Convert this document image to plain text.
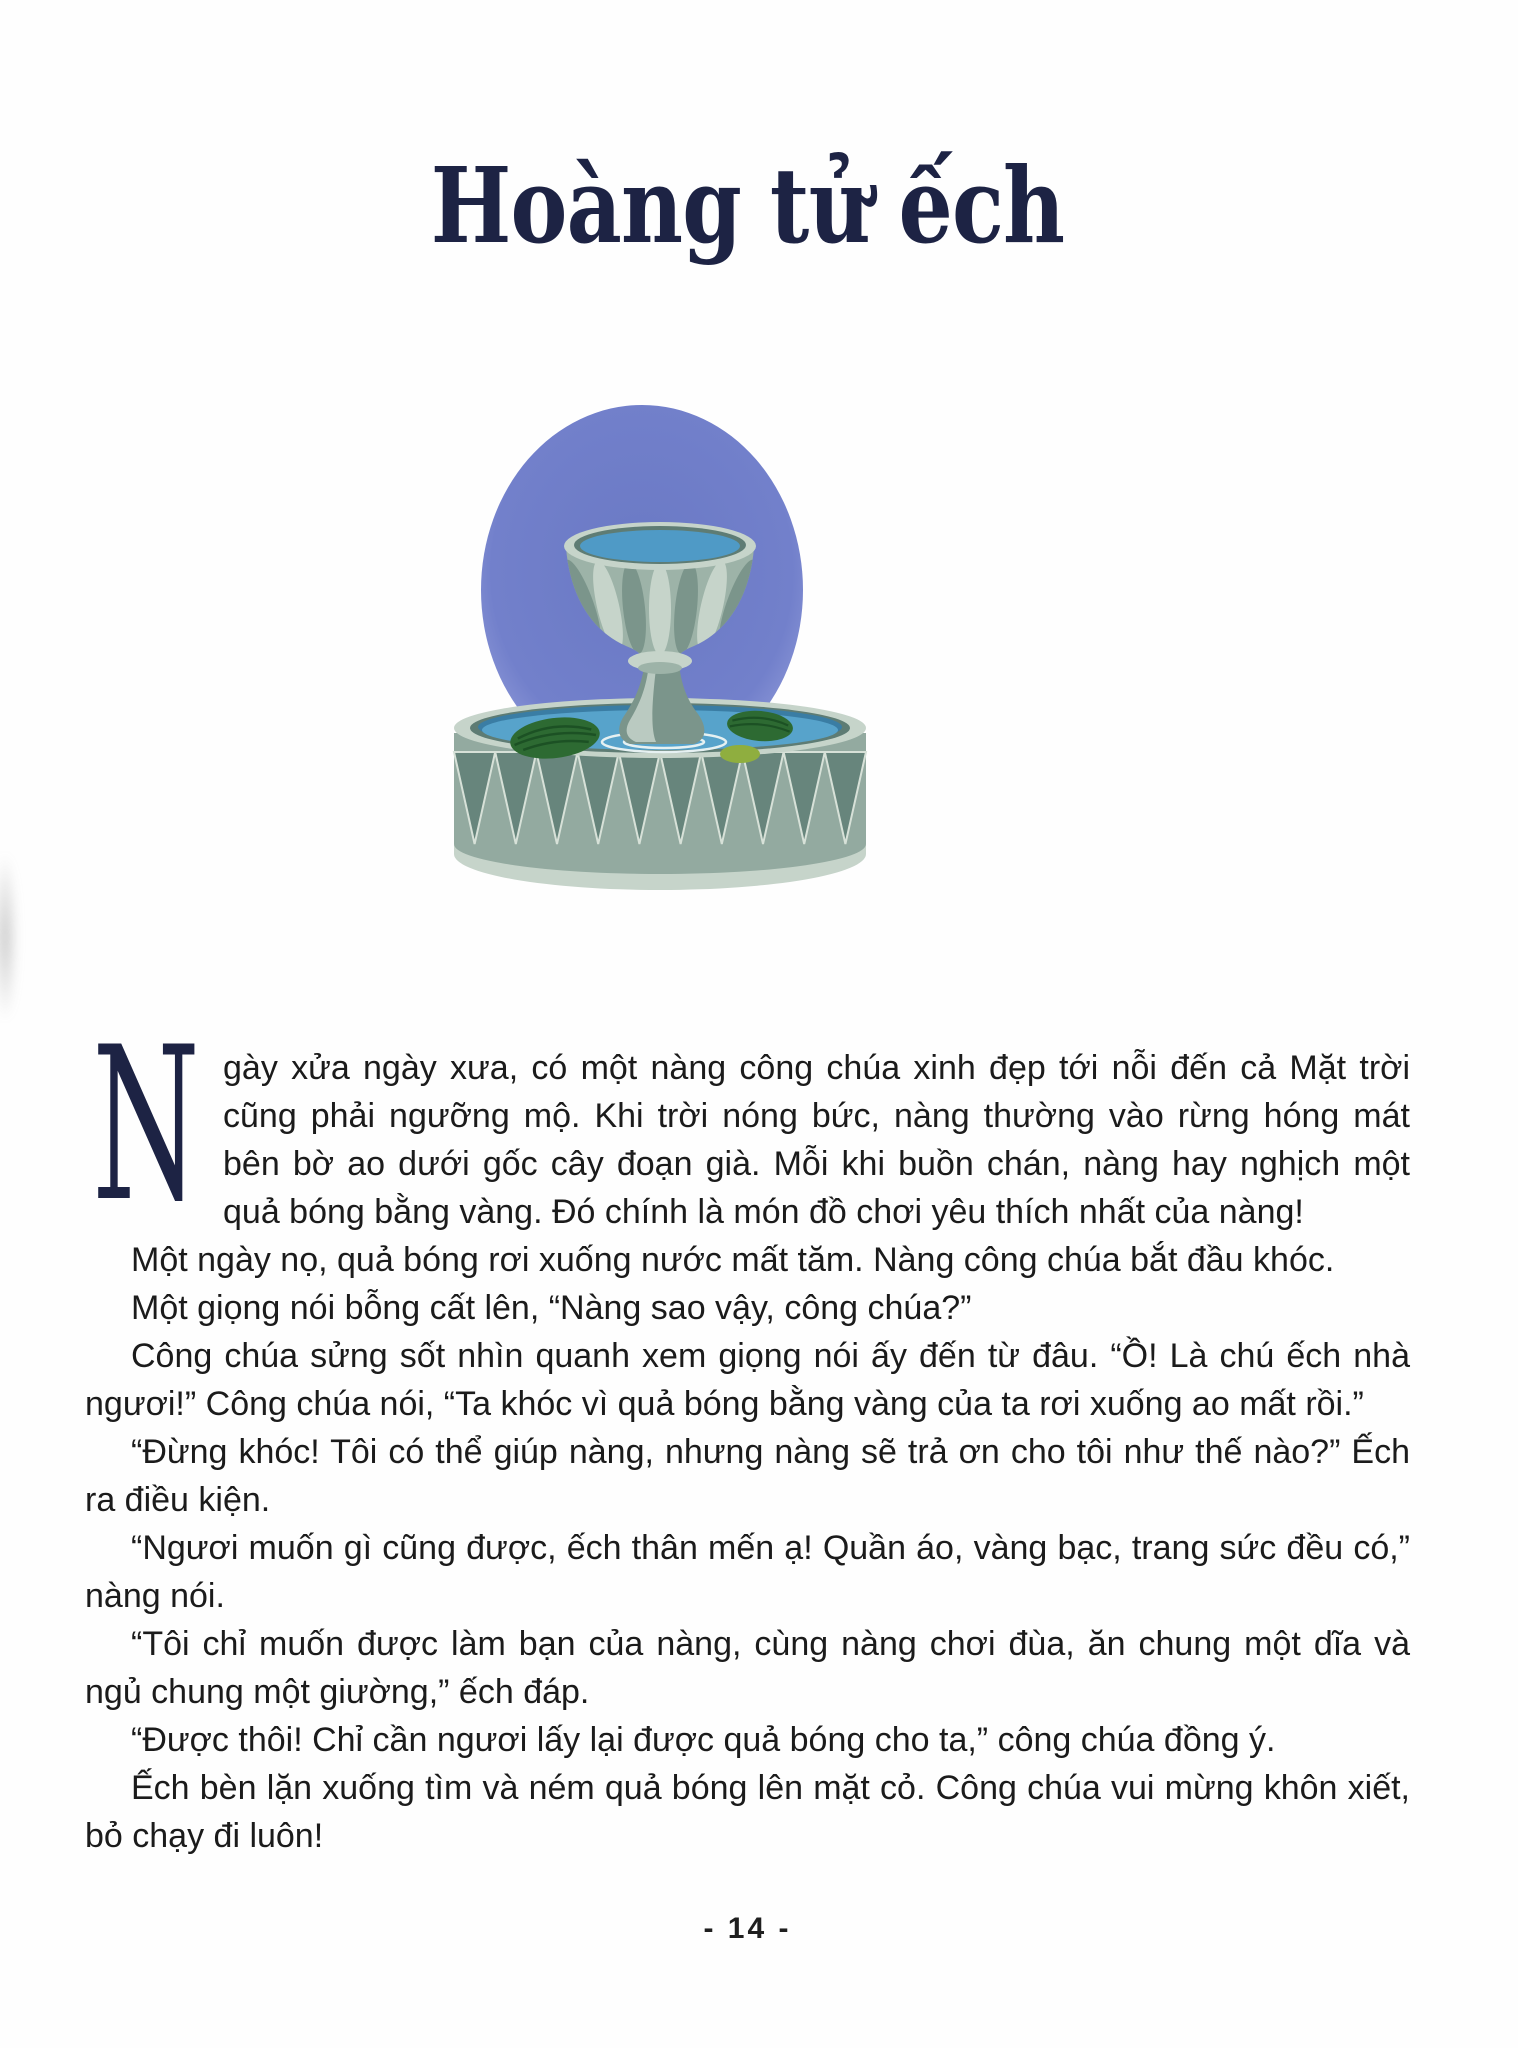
Hoàng tử ếch

N gày xửa ngày xưa, có một nàng công chúa xinh đẹp tới nỗi đến cả Mặt trời cũng phải ngưỡng mộ. Khi trời nóng bức, nàng thường vào rừng hóng mát bên bờ ao dưới gốc cây đoạn già. Mỗi khi buồn chán, nàng hay nghịch một quả bóng bằng vàng. Đó chính là món đồ chơi yêu thích nhất của nàng!

Một ngày nọ, quả bóng rơi xuống nước mất tăm. Nàng công chúa bắt đầu khóc.

Một giọng nói bỗng cất lên, “Nàng sao vậy, công chúa?”

Công chúa sửng sốt nhìn quanh xem giọng nói ấy đến từ đâu. “Ồ! Là chú ếch nhà ngươi!” Công chúa nói, “Ta khóc vì quả bóng bằng vàng của ta rơi xuống ao mất rồi.”

“Đừng khóc! Tôi có thể giúp nàng, nhưng nàng sẽ trả ơn cho tôi như thế nào?” Ếch ra điều kiện.

“Ngươi muốn gì cũng được, ếch thân mến ạ! Quần áo, vàng bạc, trang sức đều có,” nàng nói.

“Tôi chỉ muốn được làm bạn của nàng, cùng nàng chơi đùa, ăn chung một dĩa và ngủ chung một giường,” ếch đáp.

“Được thôi! Chỉ cần ngươi lấy lại được quả bóng cho ta,” công chúa đồng ý.

Ếch bèn lặn xuống tìm và ném quả bóng lên mặt cỏ. Công chúa vui mừng khôn xiết, bỏ chạy đi luôn!

- 14 -
